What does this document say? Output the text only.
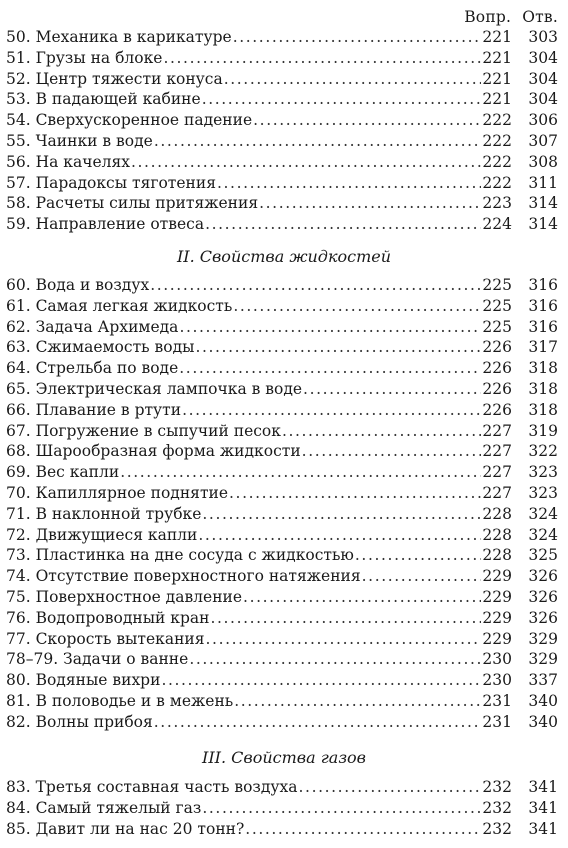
Вопр. Отв.
50. Механика в карикатуре .....	221	303
51. Грузы на блоке .....	221	304
52. Центр тяжести конуса .....	221	304
53. В падающей кабине .....	221	304
54. Сверхускоренное падение .....	222	306
55. Чаинки в воде .....	222	307
56. На качелях .....	222	308
57. Парадоксы тяготения .....	222	311
58. Расчеты силы притяжения .....	223	314
59. Направление отвеса .....	224	314
II. Свойства жидкостей
60. Вода и воздух .....	225	316
61. Самая легкая жидкость .....	225	316
62. Задача Архимеда .....	225	316
63. Сжимаемость воды .....	226	317
64. Стрельба по воде .....	226	318
65. Электрическая лампочка в воде .....	226	318
66. Плавание в ртути .....	226	318
67. Погружение в сыпучий песок .....	227	319
68. Шарообразная форма жидкости .....	227	322
69. Вес капли .....	227	323
70. Капиллярное поднятие .....	227	323
71. В наклонной трубке .....	228	324
72. Движущиеся капли .....	228	324
73. Пластинка на дне сосуда с жидкостью .....	228	325
74. Отсутствие поверхностного натяжения .....	229	326
75. Поверхностное давление .....	229	326
76. Водопроводный кран .....	229	326
77. Скорость вытекания .....	229	329
78–79. Задачи о ванне .....	230	329
80. Водяные вихри .....	230	337
81. В половодье и в межень .....	231	340
82. Волны прибоя .....	231	340
III. Свойства газов
83. Третья составная часть воздуха .....	232	341
84. Самый тяжелый газ .....	232	341
85. Давит ли на нас 20 тонн? .....	232	341
